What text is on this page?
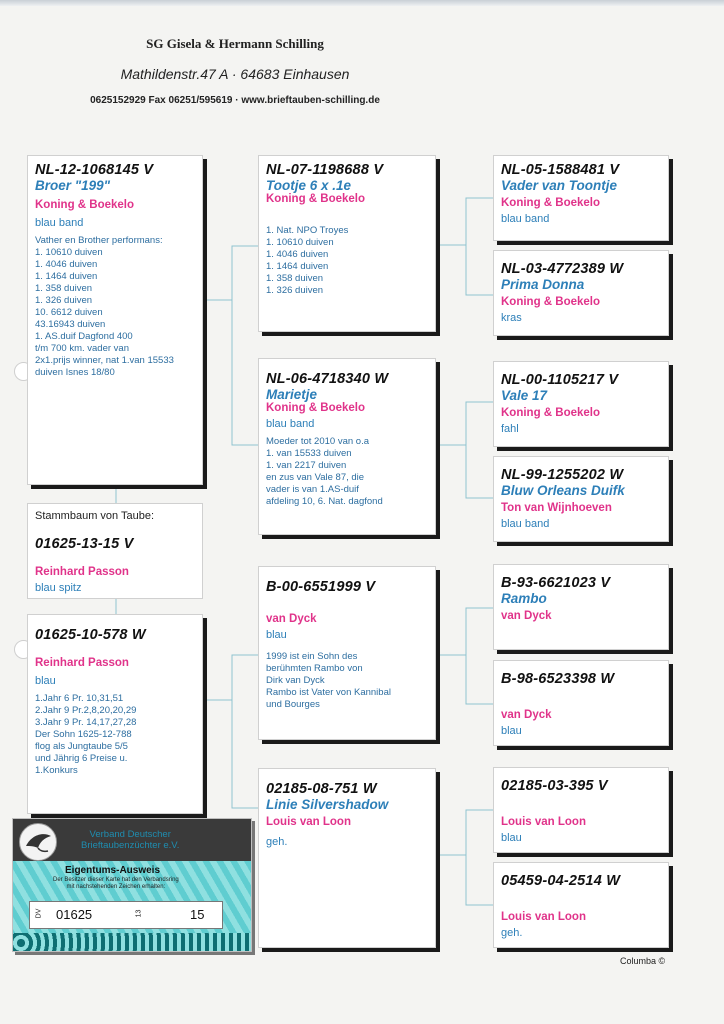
SG Gisela & Hermann Schilling
Mathildenstr.47 A · 64683 Einhausen
0625152929 Fax 06251/595619 · www.brieftauben-schilling.de
NL-12-1068145 V
Broer "199"
Koning & Boekelo
blau band
Vather en Brother performans:
1. 10610 duiven
1. 4046 duiven
1. 1464 duiven
1. 358 duiven
1. 326 duiven
10. 6612 duiven
43.16943 duiven
1. AS.duif Dagfond 400
t/m 700 km. vader van
2x1.prijs winner, nat 1.van 15533
duiven Isnes 18/80
Stammbaum von Taube:
01625-13-15 V
Reinhard Passon
blau spitz
01625-10-578 W
Reinhard Passon
blau
1.Jahr 6 Pr. 10,31,51
2.Jahr 9 Pr.2,8,20,20,29
3.Jahr 9 Pr. 14,17,27,28
Der Sohn 1625-12-788
flog als Jungtaube 5/5
und Jährig 6 Preise u.
1.Konkurs
NL-07-1198688 V
Tootje 6 x .1e
Koning & Boekelo
1. Nat. NPO Troyes
1. 10610 duiven
1. 4046 duiven
1. 1464 duiven
1. 358 duiven
1. 326 duiven
NL-06-4718340 W
Marietje
Koning & Boekelo
blau band
Moeder tot 2010 van o.a
1. van 15533 duiven
1. van 2217 duiven
en zus van Vale 87, die
vader is van 1.AS-duif
afdeling 10, 6. Nat. dagfond
B-00-6551999 V
van Dyck
blau
1999 ist ein Sohn des
berühmten Rambo von
Dirk van Dyck
Rambo ist Vater von Kannibal
und Bourges
02185-08-751 W
Linie Silvershadow
Louis van Loon
geh.
NL-05-1588481 V
Vader van Toontje
Koning & Boekelo
blau band
NL-03-4772389 W
Prima Donna
Koning & Boekelo
kras
NL-00-1105217 V
Vale 17
Koning & Boekelo
fahl
NL-99-1255202 W
Bluw Orleans Duifk
Ton van Wijnhoeven
blau band
B-93-6621023 V
Rambo
van Dyck
B-98-6523398 W
van Dyck
blau
02185-03-395 V
Louis van Loon
blau
05459-04-2514 W
Louis van Loon
geh.
Verband Deutscher
Brieftaubenzüchter e.V.
Eigentums-Ausweis
Der Besitzer dieser Karte hat den Verbandsring
mit nachstehenden Zeichen erhalten:
DV 01625	13	15
Columba ©
